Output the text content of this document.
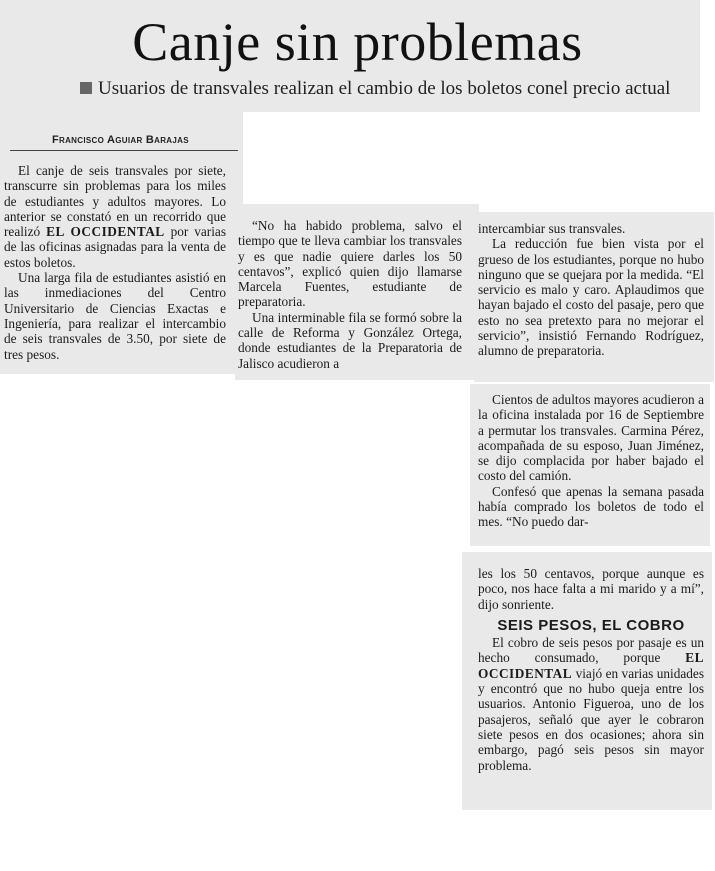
Canje sin problemas
Usuarios de transvales realizan el cambio de los boletos conel precio actual
Francisco Aguiar Barajas

El canje de seis transvales por siete, transcurre sin problemas para los miles de estudiantes y adultos mayores. Lo anterior se constató en un recorrido que realizó EL OCCIDENTAL por varias de las oficinas asignadas para la venta de estos boletos.

Una larga fila de estudiantes asistió en las inmediaciones del Centro Universitario de Ciencias Exactas e Ingeniería, para realizar el intercambio de seis transvales de 3.50, por siete de tres pesos.

“No ha habido problema, salvo el tiempo que te lleva cambiar los transvales y es que nadie quiere darles los 50 centavos”, explicó quien dijo llamarse Marcela Fuentes, estudiante de preparatoria.

Una interminable fila se formó sobre la calle de Reforma y González Ortega, donde estudiantes de la Preparatoria de Jalisco acudieron a

intercambiar sus transvales.

La reducción fue bien vista por el grueso de los estudiantes, porque no hubo ninguno que se quejara por la medida. “El servicio es malo y caro. Aplaudimos que hayan bajado el costo del pasaje, pero que esto no sea pretexto para no mejorar el servicio”, insistió Fernando Rodríguez, alumno de preparatoria.

Cientos de adultos mayores acudieron a la oficina instalada por 16 de Septiembre a permutar los transvales. Carmina Pérez, acompañada de su esposo, Juan Jiménez, se dijo complacida por haber bajado el costo del camión.

Confesó que apenas la semana pasada había comprado los boletos de todo el mes. “No puedo dar-

les los 50 centavos, porque aunque es poco, nos hace falta a mi marido y a mí”, dijo sonriente.

SEIS PESOS, EL COBRO

El cobro de seis pesos por pasaje es un hecho consumado, porque EL OCCIDENTAL viajó en varias unidades y encontró que no hubo queja entre los usuarios. Antonio Figueroa, uno de los pasajeros, señaló que ayer le cobraron siete pesos en dos ocasiones; ahora sin embargo, pagó seis pesos sin mayor problema.
